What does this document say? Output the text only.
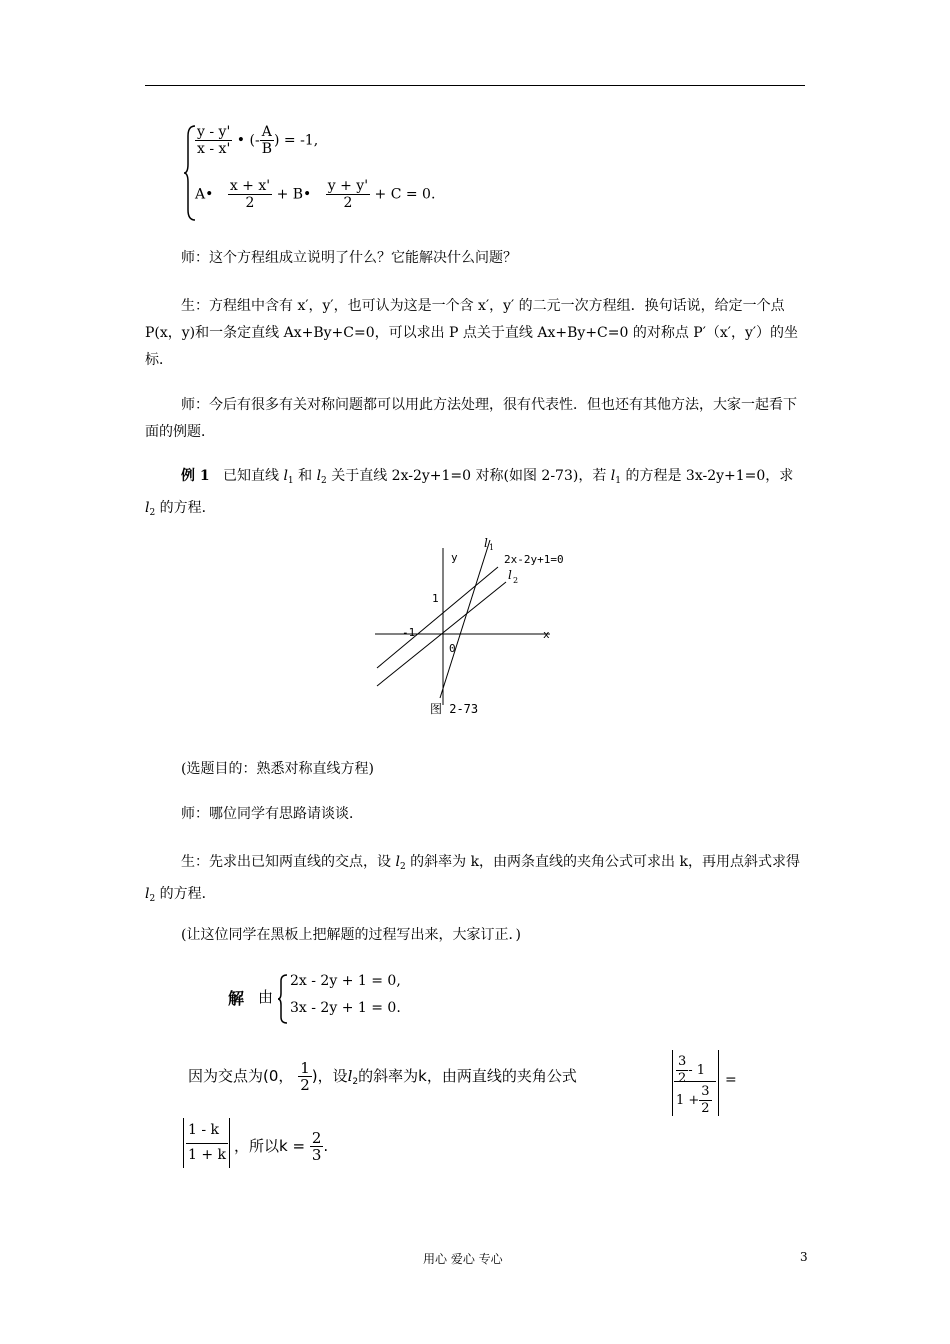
$\frac{y - y'}{x - x'}$ • (- $\frac{A}{B}$ ) = -1,
A• $\frac{x + x'}{2}$ + B• $\frac{y + y'}{2} + C = 0$.
师：这个方程组成立说明了什么？它能解决什么问题？
生：方程组中含有 x′，y′，也可认为这是一个含 x′，y′ 的二元一次方程组．换句话说，给定一个点 P(x，y)和一条定直线 Ax+By+C=0，可以求出 P 点关于直线 Ax+By+C=0 的对称点 P′（x′，y′）的坐标．
师：今后有很多有关对称问题都可以用此方法处理，很有代表性．但也还有其他方法，大家一起看下面的例题．
例 1 已知直线 $l_1$ 和 $l_2$ 关于直线 2x-2y+1=0 对称(如图 2-73)，若 $l_1$ 的方程是 3x-2y+1=0，求 $l_2$ 的方程．
y
x
l 1
2x-2y+1=0
l 2
1
-1
0
图 2-73
(选题目的：熟悉对称直线方程)
师：哪位同学有思路请谈谈．
生：先求出已知两直线的交点，设 $l_2$ 的斜率为 k，由两条直线的夹角公式可求出 k，再用点斜式求得 $l_2$ 的方程．
(让这位同学在黑板上把解题的过程写出来，大家订正．)
解 由
2x - 2y + 1 = 0,
3x - 2y + 1 = 0.
因为交点为(0， $\frac{1}{2}$ )，设$l_2$的斜率为k，由两直线的夹角公式	$\frac{3}{2} - 1$
$1 + \frac{3}{2}$
=
1 - k
1 + k ，所以$k = \frac{2}{3}$ .
用心 爱心 专心	3
